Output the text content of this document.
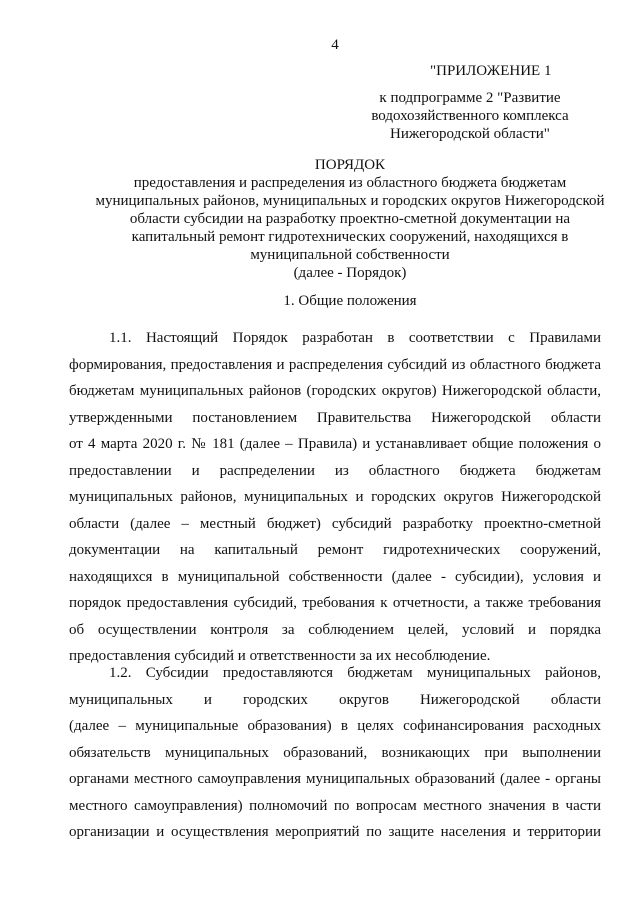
4
"ПРИЛОЖЕНИЕ 1
к подпрограмме 2 "Развитие
водохозяйственного комплекса
Нижегородской области"
ПОРЯДОК
предоставления и распределения из областного бюджета бюджетам
муниципальных районов, муниципальных и городских округов Нижегородской
области субсидии на разработку проектно-сметной документации на
капитальный ремонт гидротехнических сооружений, находящихся в
муниципальной собственности
(далее - Порядок)
1. Общие положения
1.1. Настоящий Порядок разработан в соответствии с Правилами
формирования, предоставления и распределения субсидий из областного бюджета
бюджетам муниципальных районов (городских округов) Нижегородской области,
утвержденными постановлением Правительства Нижегородской области
от 4 марта 2020 г. № 181 (далее – Правила) и устанавливает общие положения о
предоставлении и распределении из областного бюджета бюджетам
муниципальных районов, муниципальных и городских округов Нижегородской
области (далее – местный бюджет) субсидий разработку проектно-сметной
документации на капитальный ремонт гидротехнических сооружений,
находящихся в муниципальной собственности (далее - субсидии), условия и
порядок предоставления субсидий, требования к отчетности, а также требования
об осуществлении контроля за соблюдением целей, условий и порядка
предоставления субсидий и ответственности за их несоблюдение.
1.2. Субсидии предоставляются бюджетам муниципальных районов,
муниципальных и городских округов Нижегородской области
(далее – муниципальные образования) в целях софинансирования расходных
обязательств муниципальных образований, возникающих при выполнении
органами местного самоуправления муниципальных образований (далее - органы
местного самоуправления) полномочий по вопросам местного значения в части
организации и осуществления мероприятий по защите населения и территории
